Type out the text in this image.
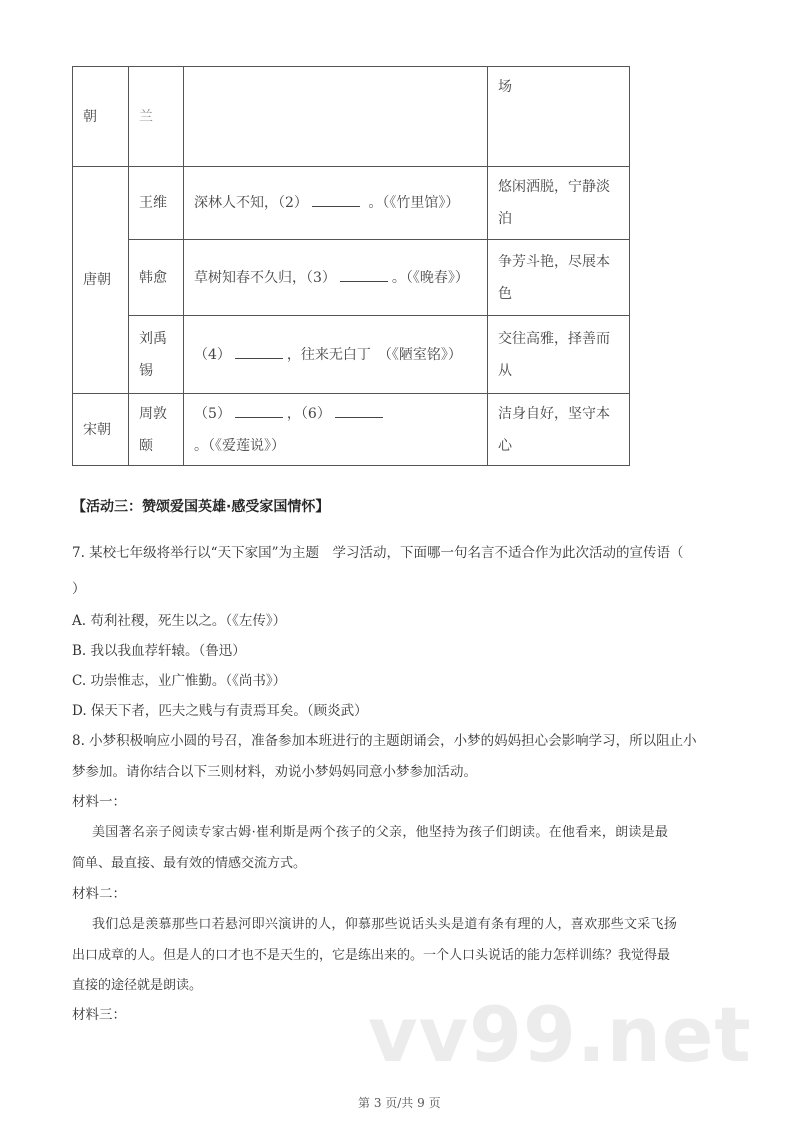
朝	兰		场
唐朝	王维	深林人不知，（2） 。（《竹里馆》）	悠闲洒脱，宁静淡泊
	韩愈	草树知春不久归，（3） 。（《晚春》）	争芳斗艳，尽展本色
	刘禹锡	（4） ，往来无白丁　（《陋室铭》）	交往高雅，择善而从
宋朝	周敦颐	（5） ，（6） 。（《爱莲说》）	洁身自好，坚守本心
【活动三：赞颂爱国英雄·感受家国情怀】
7. 某校七年级将举行以“天下家国”为主题　学习活动，下面哪一句名言不适合作为此次活动的宣传语（
）
A. 苟利社稷，死生以之。（《左传》）
B. 我以我血荐轩辕。（鲁迅）
C. 功崇惟志，业广惟勤。（《尚书》）
D. 保天下者，匹夫之贱与有责焉耳矣。（顾炎武）
8. 小梦积极响应小圆的号召，准备参加本班进行的主题朗诵会，小梦的妈妈担心会影响学习，所以阻止小
梦参加。请你结合以下三则材料，劝说小梦妈妈同意小梦参加活动。
材料一：
美国著名亲子阅读专家古姆·崔利斯是两个孩子的父亲，他坚持为孩子们朗读。在他看来，朗读是最
简单、最直接、最有效的情感交流方式。
材料二：
我们总是羡慕那些口若悬河即兴演讲的人，仰慕那些说话头头是道有条有理的人，喜欢那些文采飞扬
出口成章的人。但是人的口才也不是天生的，它是练出来的。一个人口头说话的能力怎样训练？我觉得最
直接的途径就是朗读。
材料三：	vv99.net
第 3 页/共 9 页
